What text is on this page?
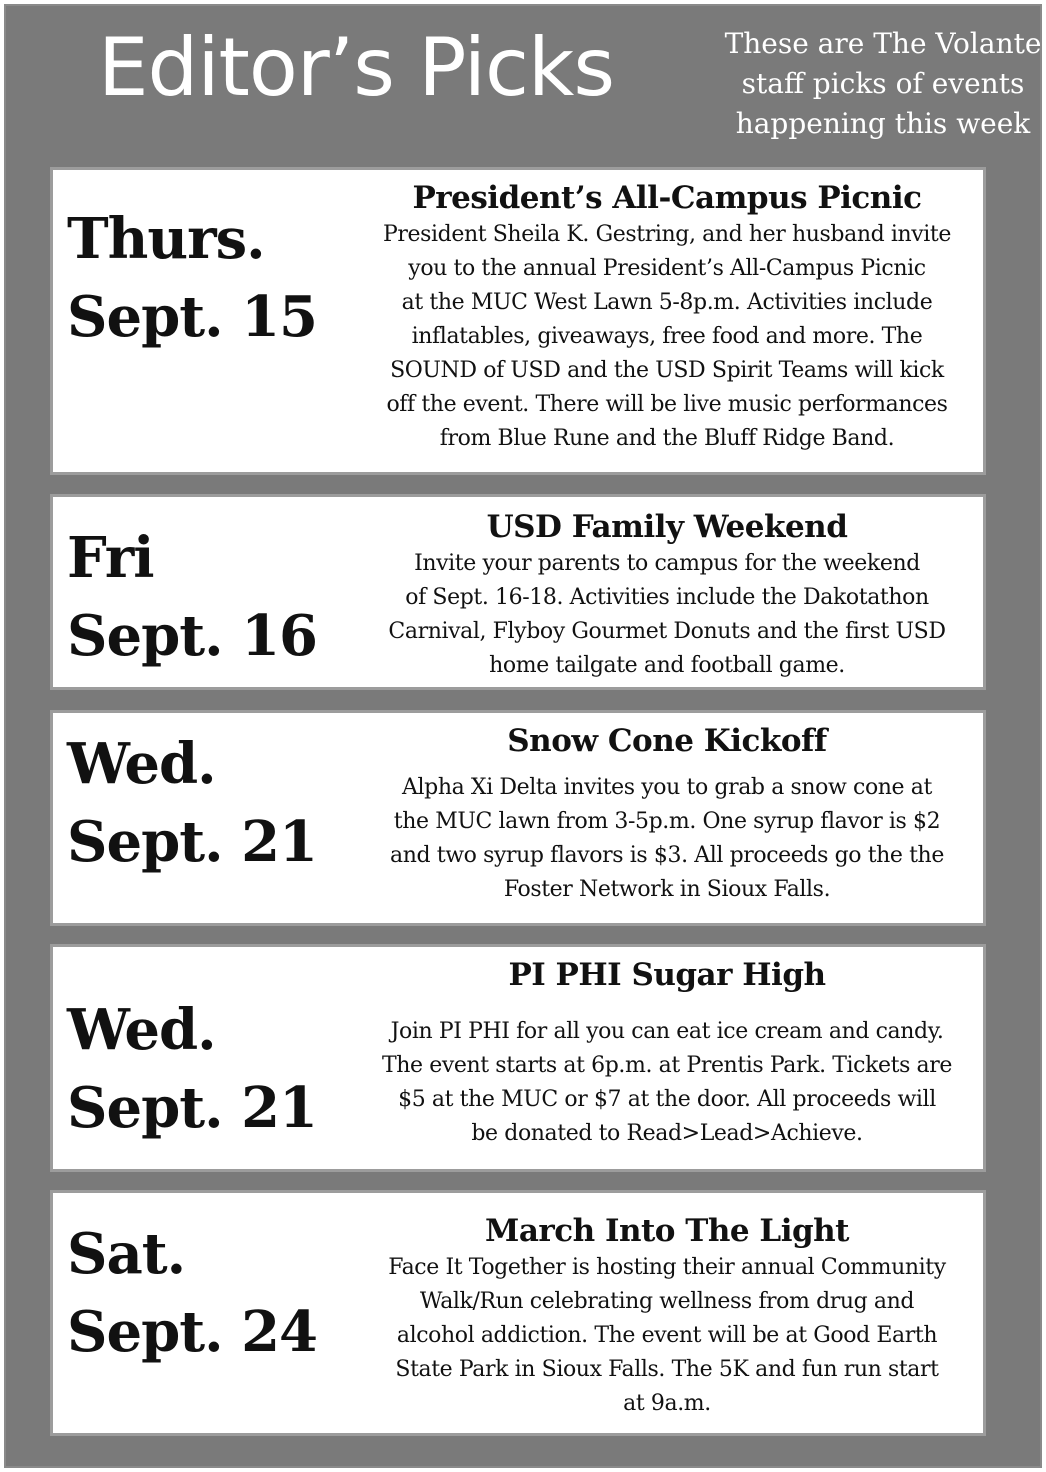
Editor’s Picks	These are The Volante
staff picks of events
happening this week
Thurs.
Sept. 15
President’s All-Campus Picnic
President Sheila K. Gestring, and her husband invite
you to the annual President’s All-Campus Picnic
at the MUC West Lawn 5-8p.m. Activities include
inflatables, giveaways, free food and more. The
SOUND of USD and the USD Spirit Teams will kick
off the event. There will be live music performances
from Blue Rune and the Bluff Ridge Band.
Fri
Sept. 16
USD Family Weekend
Invite your parents to campus for the weekend
of Sept. 16-18. Activities include the Dakotathon
Carnival, Flyboy Gourmet Donuts and the first USD
home tailgate and football game.
Wed.
Sept. 21
Snow Cone Kickoff
Alpha Xi Delta invites you to grab a snow cone at
the MUC lawn from 3-5p.m. One syrup flavor is $2
and two syrup flavors is $3. All proceeds go the the
Foster Network in Sioux Falls.
Wed.
Sept. 21
PI PHI Sugar High
Join PI PHI for all you can eat ice cream and candy.
The event starts at 6p.m. at Prentis Park. Tickets are
$5 at the MUC or $7 at the door. All proceeds will
be donated to Read>Lead>Achieve.
Sat.
Sept. 24
March Into The Light
Face It Together is hosting their annual Community
Walk/Run celebrating wellness from drug and
alcohol addiction. The event will be at Good Earth
State Park in Sioux Falls. The 5K and fun run start
at 9a.m.
